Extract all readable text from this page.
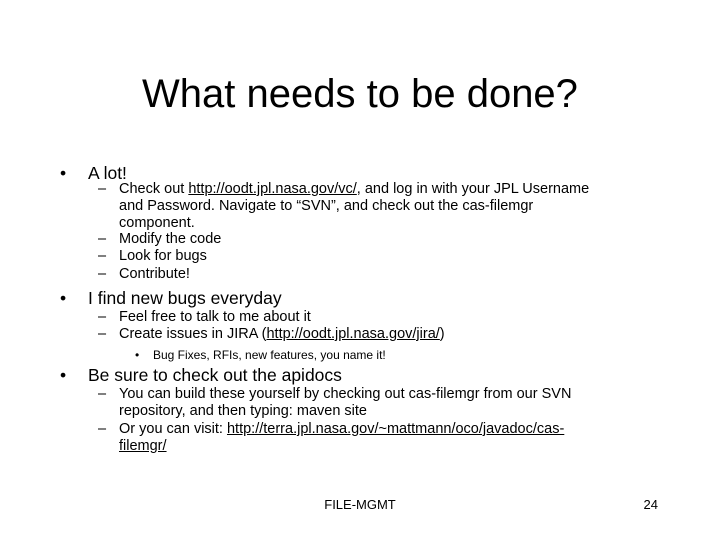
What needs to be done?
• A lot!
– Check out http://oodt.jpl.nasa.gov/vc/, and log in with your JPL Username
and Password. Navigate to “SVN”, and check out the cas-filemgr
component.
– Modify the code
– Look for bugs
– Contribute!
• I find new bugs everyday
– Feel free to talk to me about it
– Create issues in JIRA (http://oodt.jpl.nasa.gov/jira/)
• Bug Fixes, RFIs, new features, you name it!
• Be sure to check out the apidocs
– You can build these yourself by checking out cas-filemgr from our SVN
repository, and then typing: maven site
– Or you can visit: http://terra.jpl.nasa.gov/~mattmann/oco/javadoc/cas-
filemgr/
FILE-MGMT	24
